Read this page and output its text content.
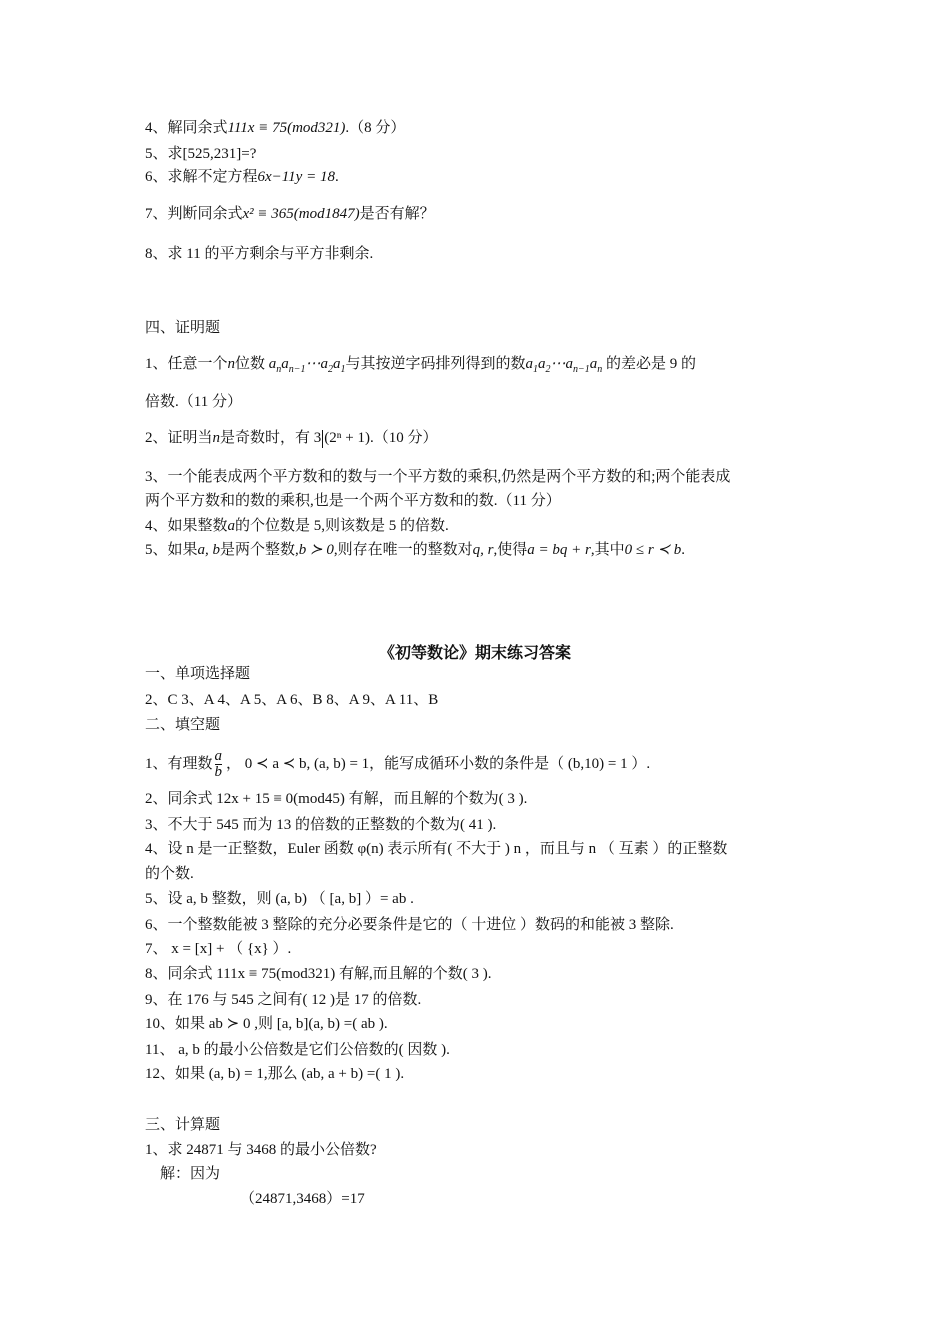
4、解同余式111x ≡ 75(mod321).（8 分）
5、求[525,231]=?
6、求解不定方程6x−11y = 18.
7、判断同余式x² ≡ 365(mod1847)是否有解？
8、求 11 的平方剩余与平方非剩余.
四、证明题
1、任意一个n位数 $a_na_{n-1}\cdots a_2a_1$与其按逆字码排列得到的数$a_1a_2\cdots a_{n-1}a_n$ 的差必是 9 的
倍数.（11 分）
2、证明当n是奇数时，有 3 (2ⁿ + 1).（10 分）
3、一个能表成两个平方数和的数与一个平方数的乘积,仍然是两个平方数的和;两个能表成
两个平方数和的数的乘积,也是一个两个平方数和的数.（11 分）
4、如果整数a的个位数是 5,则该数是 5 的倍数.
5、如果a, b是两个整数,b ≻ 0,则存在唯一的整数对q, r,使得a = bq + r,其中0 ≤ r ≺ b.
《初等数论》期末练习答案
一、单项选择题
2、C 3、A 4、A 5、A 6、B 8、A 9、A 11、B
二、填空题
1、有理数 $\frac{a}{b}$ ， 0 ≺ a ≺ b, (a, b) = 1，能写成循环小数的条件是（ (b,10) = 1 ）.
2、同余式 12x + 15 ≡ 0(mod45) 有解，而且解的个数为( 3 ).
3、不大于 545 而为 13 的倍数的正整数的个数为( 41 ).
4、设 n 是一正整数，Euler 函数 φ(n) 表示所有( 不大于 ) n ，而且与 n （ 互素 ）的正整数
的个数.
5、设 a, b 整数，则 (a, b) （ [a, b] ）= ab .
6、一个整数能被 3 整除的充分必要条件是它的（ 十进位 ）数码的和能被 3 整除.
7、 x = [x] + （ {x} ）.
8、同余式 111x ≡ 75(mod321) 有解,而且解的个数( 3 ).
9、在 176 与 545 之间有( 12 )是 17 的倍数.
10、如果 ab ≻ 0 ,则 [a, b](a, b) =( ab ).
11、 a, b 的最小公倍数是它们公倍数的( 因数 ).
12、如果 (a, b) = 1,那么 (ab, a + b) =( 1 ).
三、计算题
1、求 24871 与 3468 的最小公倍数?
解：因为
（24871,3468）=17
